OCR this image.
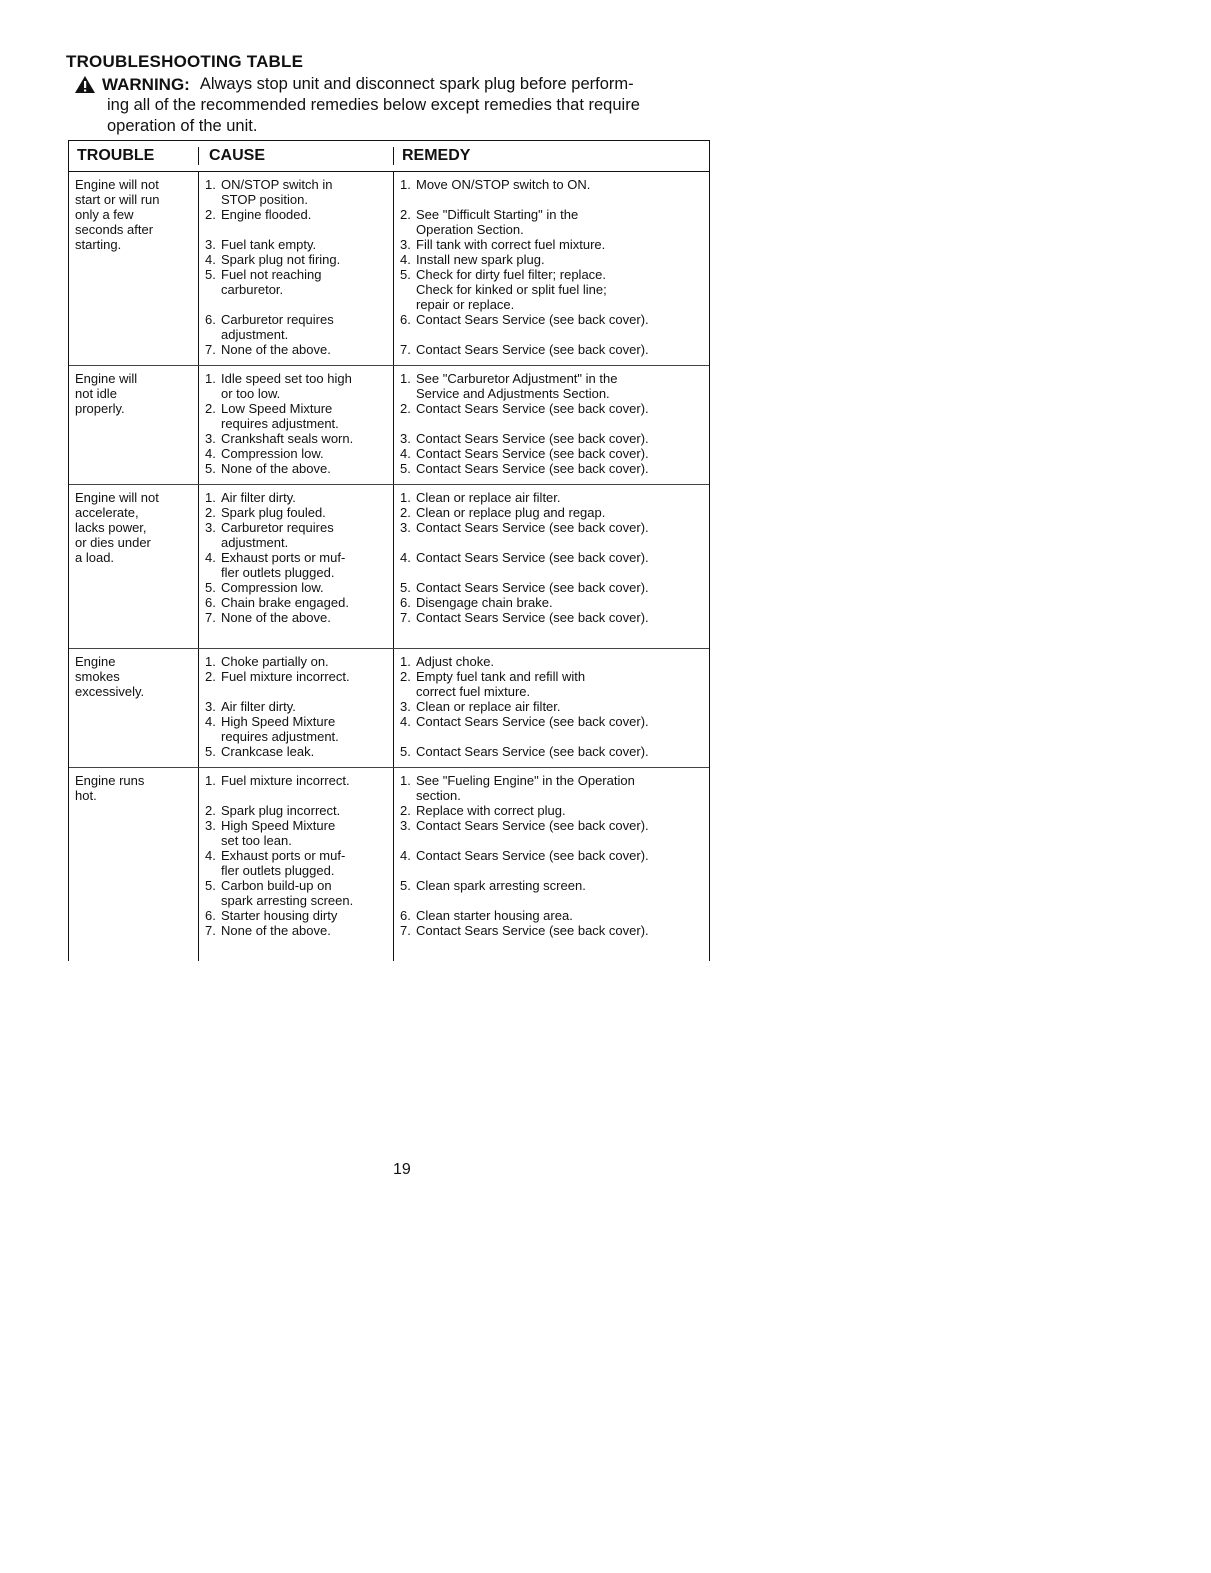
TROUBLESHOOTING TABLE
WARNING: Always stop unit and disconnect spark plug before perform-
ing all of the recommended remedies below except remedies that require
operation of the unit.
TROUBLE	CAUSE	REMEDY
Engine will not
start or will run
only a few
seconds after
starting.
1. ON/STOP switch in
STOP position.
2. Engine flooded.

3. Fuel tank empty.
4. Spark plug not firing.
5. Fuel not reaching
carburetor.

6. Carburetor requires
adjustment.
7. None of the above.
1. Move ON/STOP switch to ON.

2. See "Difficult Starting" in the
Operation Section.
3. Fill tank with correct fuel mixture.
4. Install new spark plug.
5. Check for dirty fuel filter; replace.
Check for kinked or split fuel line;
repair or replace.
6. Contact Sears Service (see back cover).

7. Contact Sears Service (see back cover).
Engine will
not idle
properly.
1. Idle speed set too high
or too low.
2. Low Speed Mixture
requires adjustment.
3. Crankshaft seals worn.
4. Compression low.
5. None of the above.
1. See "Carburetor Adjustment" in the
Service and Adjustments Section.
2. Contact Sears Service (see back cover).

3. Contact Sears Service (see back cover).
4. Contact Sears Service (see back cover).
5. Contact Sears Service (see back cover).
Engine will not
accelerate,
lacks power,
or dies under
a load.
1. Air filter dirty.
2. Spark plug fouled.
3. Carburetor requires
adjustment.
4. Exhaust ports or muf-
fler outlets plugged.
5. Compression low.
6. Chain brake engaged.
7. None of the above.

1. Clean or replace air filter.
2. Clean or replace plug and regap.
3. Contact Sears Service (see back cover).

4. Contact Sears Service (see back cover).

5. Contact Sears Service (see back cover).
6. Disengage chain brake.
7. Contact Sears Service (see back cover).

Engine
smokes
excessively.
1. Choke partially on.
2. Fuel mixture incorrect.

3. Air filter dirty.
4. High Speed Mixture
requires adjustment.
5. Crankcase leak.
1. Adjust choke.
2. Empty fuel tank and refill with
correct fuel mixture.
3. Clean or replace air filter.
4. Contact Sears Service (see back cover).

5. Contact Sears Service (see back cover).
Engine runs
hot.
1. Fuel mixture incorrect.

2. Spark plug incorrect.
3. High Speed Mixture
set too lean.
4. Exhaust ports or muf-
fler outlets plugged.
5. Carbon build-up on
spark arresting screen.
6. Starter housing dirty
7. None of the above.

1. See "Fueling Engine" in the Operation
section.
2. Replace with correct plug.
3. Contact Sears Service (see back cover).

4. Contact Sears Service (see back cover).

5. Clean spark arresting screen.

6. Clean starter housing area.
7. Contact Sears Service (see back cover).

19
